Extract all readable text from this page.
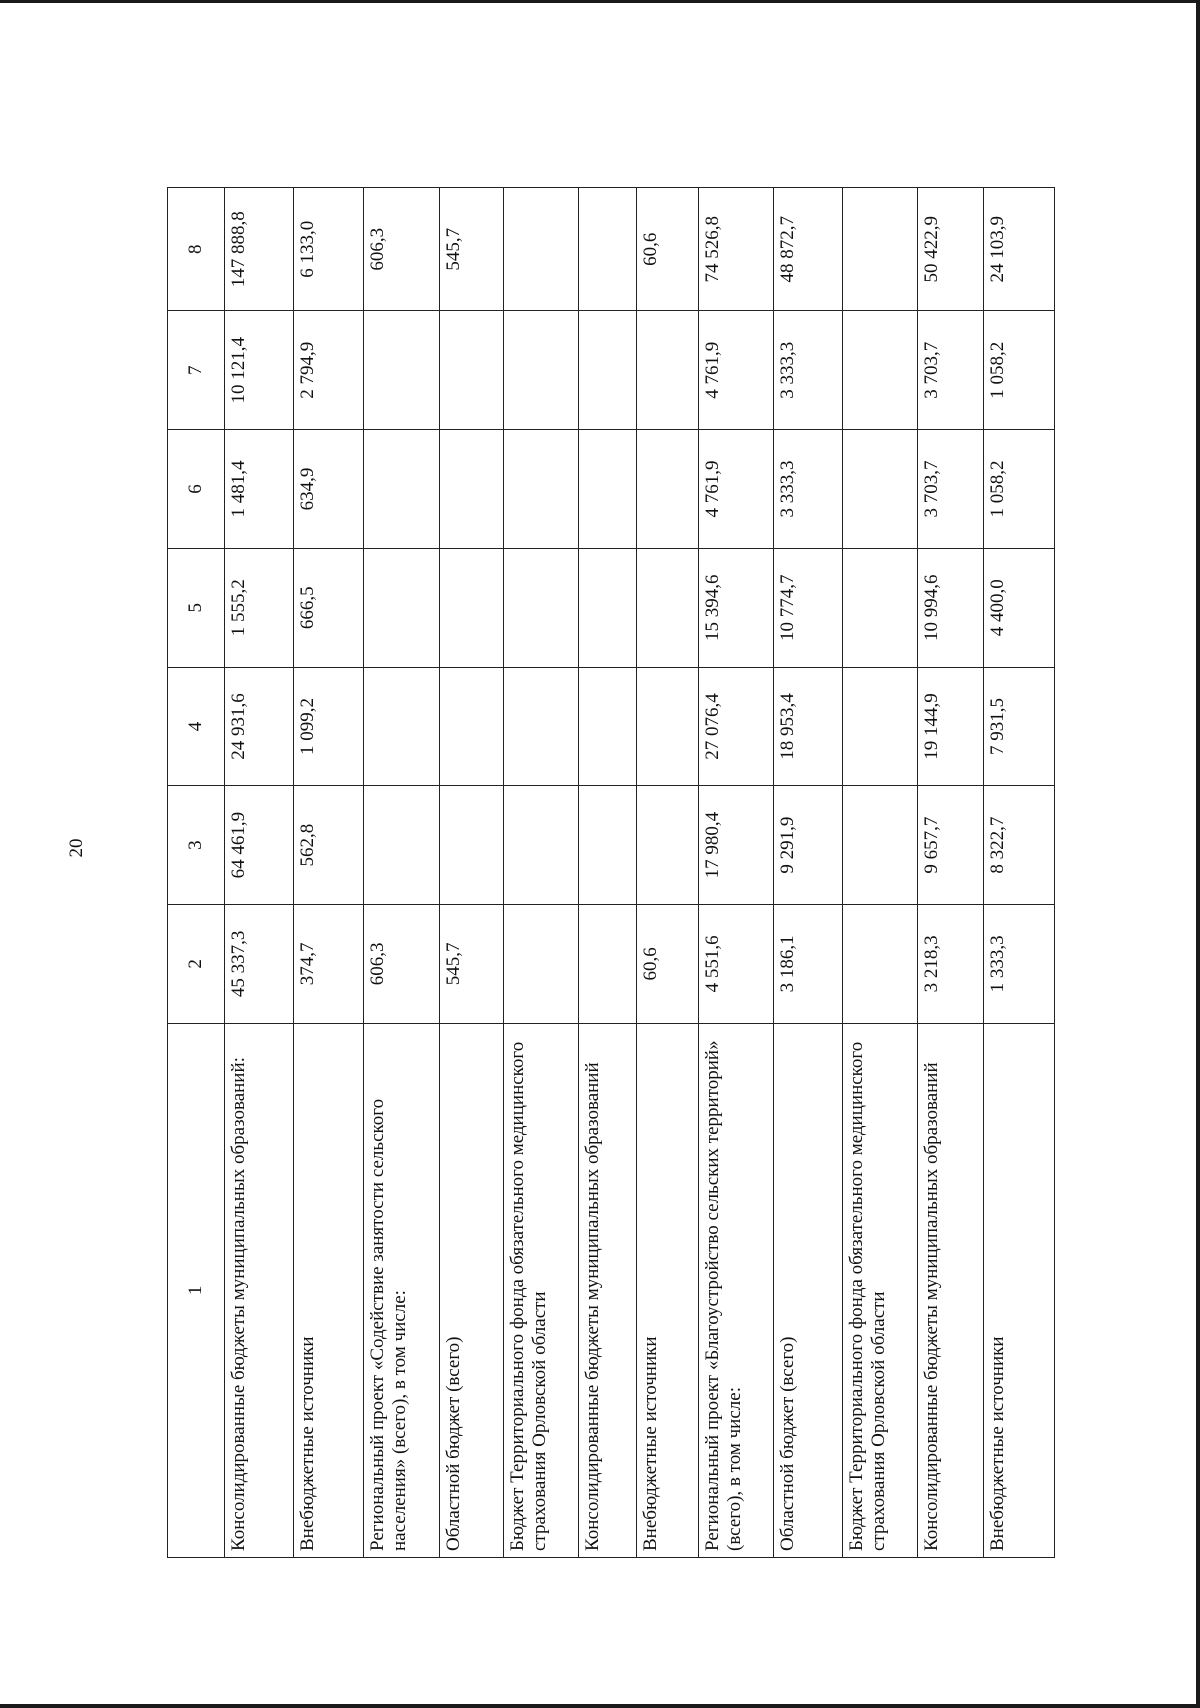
20
1	2	3	4	5	6	7	8
Консолидированные бюджеты муниципальных образований:	45 337,3	64 461,9	24 931,6	1 555,2	1 481,4	10 121,4	147 888,8
Внебюджетные источники	374,7	562,8	1 099,2	666,5	634,9	2 794,9	6 133,0
Региональный проект «Содействие занятости сельского населения» (всего), в том числе:	606,3						606,3
Областной бюджет (всего)	545,7						545,7
Бюджет Территориального фонда обязательного медицинского страхования Орловской области							
Консолидированные бюджеты муниципальных образований							
Внебюджетные источники	60,6						60,6
Региональный проект «Благоустройство сельских территорий» (всего), в том числе:	4 551,6	17 980,4	27 076,4	15 394,6	4 761,9	4 761,9	74 526,8
Областной бюджет (всего)	3 186,1	9 291,9	18 953,4	10 774,7	3 333,3	3 333,3	48 872,7
Бюджет Территориального фонда обязательного медицинского страхования Орловской области							
Консолидированные бюджеты муниципальных образований	3 218,3	9 657,7	19 144,9	10 994,6	3 703,7	3 703,7	50 422,9
Внебюджетные источники	1 333,3	8 322,7	7 931,5	4 400,0	1 058,2	1 058,2	24 103,9
